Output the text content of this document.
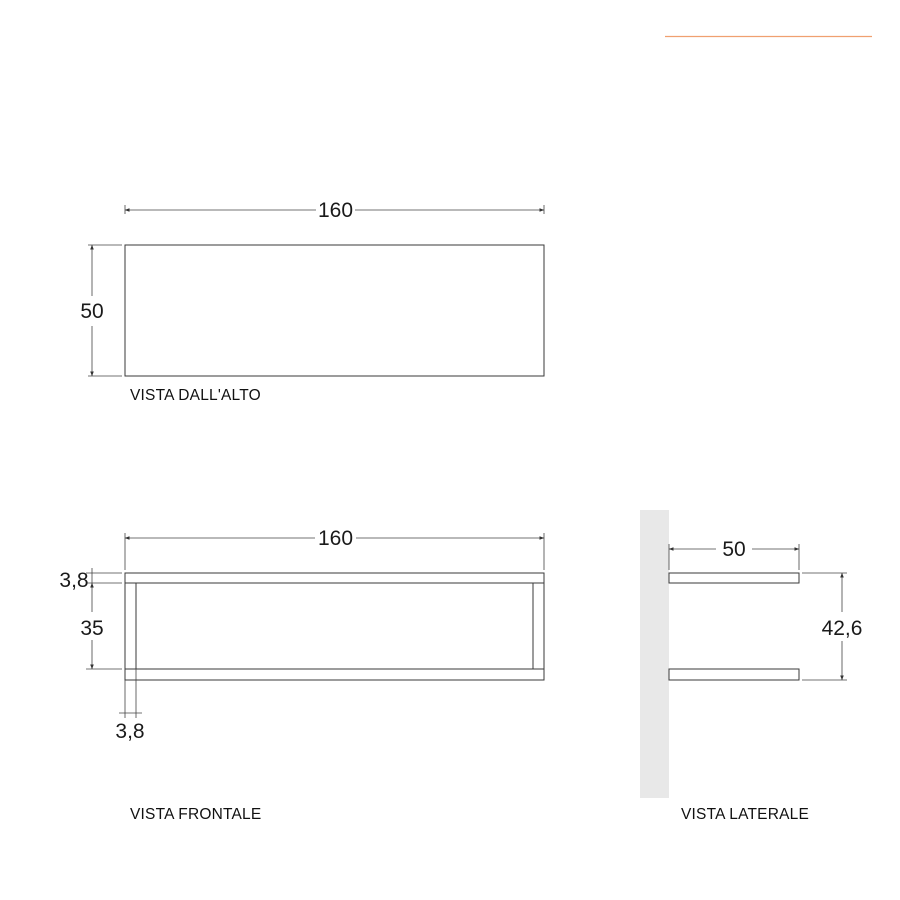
160
50
VISTA DALL'ALTO
160
3,8
35
3,8
VISTA FRONTALE
50
42,6
VISTA LATERALE
